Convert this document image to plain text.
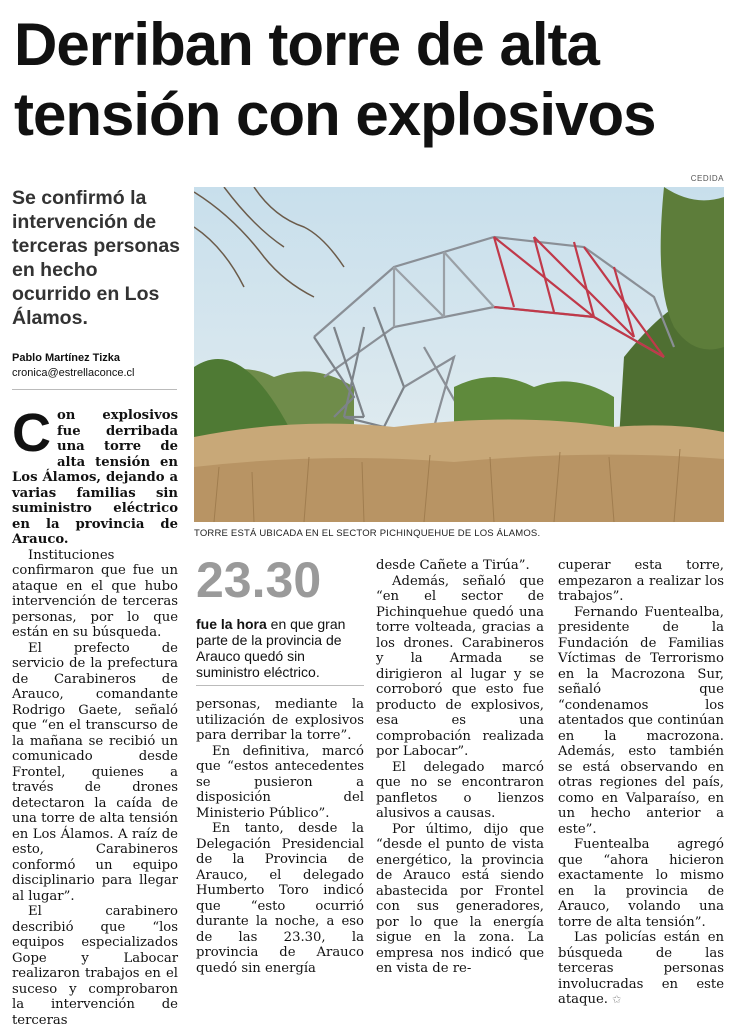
Derriban torre de alta tensión con explosivos
Se confirmó la intervención de terceras personas en hecho ocurrido en Los Álamos.
Pablo Martínez Tizka
cronica@estrellaconce.cl
CEDIDA
TORRE ESTÁ UBICADA EN EL SECTOR PICHINQUEHUE DE LOS ÁLAMOS.

Con explosivos fue derribada una torre de alta tensión en Los Álamos, dejando a varias familias sin suministro eléctrico en la provincia de Arauco.

Instituciones confirmaron que fue un ataque en el que hubo intervención de terceras personas, por lo que están en su búsqueda.

El prefecto de servicio de la prefectura de Carabineros de Arauco, comandante Rodrigo Gaete, señaló que “en el transcurso de la mañana se recibió un comunicado desde Frontel, quienes a través de drones detectaron la caída de una torre de alta tensión en Los Álamos. A raíz de esto, Carabineros conformó un equipo disciplinario para llegar al lugar”.

El carabinero describió que “los equipos especializados Gope y Labocar realizaron trabajos en el suceso y comprobaron la intervención de terceras

23.30
fue la hora en que gran parte de la provincia de Arauco quedó sin suministro eléctrico.

personas, mediante la utilización de explosivos para derribar la torre”.

En definitiva, marcó que “estos antecedentes se pusieron a disposición del Ministerio Público”.

En tanto, desde la Delegación Presidencial de la Provincia de Arauco, el delegado Humberto Toro indicó que “esto ocurrió durante la noche, a eso de las 23.30, la provincia de Arauco quedó sin energía

desde Cañete a Tirúa”.

Además, señaló que “en el sector de Pichinquehue quedó una torre volteada, gracias a los drones. Carabineros y la Armada se dirigieron al lugar y se corroboró que esto fue producto de explosivos, esa es una comprobación realizada por Labocar”.

El delegado marcó que no se encontraron panfletos o lienzos alusivos a causas.

Por último, dijo que “desde el punto de vista energético, la provincia de Arauco está siendo abastecida por Frontel con sus generadores, por lo que la energía sigue en la zona. La empresa nos indicó que en vista de re-

cuperar esta torre, empezaron a realizar los trabajos”.

Fernando Fuentealba, presidente de la Fundación de Familias Víctimas de Terrorismo en la Macrozona Sur, señaló que “condenamos los atentados que continúan en la macrozona. Además, esto también se está observando en otras regiones del país, como en Valparaíso, en un hecho anterior a este”.

Fuentealba agregó que “ahora hicieron exactamente lo mismo en la provincia de Arauco, volando una torre de alta tensión”.

Las policías están en búsqueda de las terceras personas involucradas en este ataque. ✩
